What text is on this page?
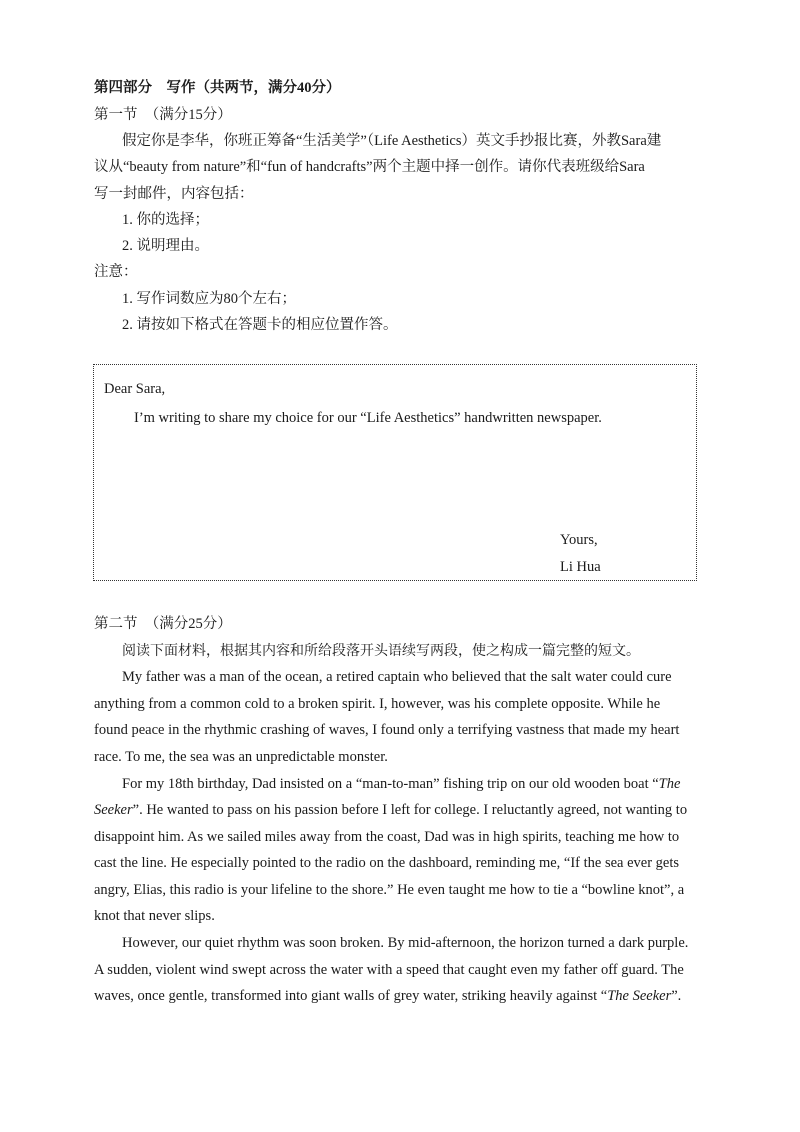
第四部分　写作（共两节，满分40分）
第一节　（满分15分）
假定你是李华，你班正筹备“生活美学”（Life Aesthetics）英文手抄报比赛，外教Sara建
议从“beauty from nature”和“fun of handcrafts”两个主题中择一创作。请你代表班级给Sara
写一封邮件，内容包括：
1. 你的选择；
2. 说明理由。
注意：
1. 写作词数应为80个左右；
2. 请按如下格式在答题卡的相应位置作答。
Dear Sara,
I’m writing to share my choice for our “Life Aesthetics” handwritten newspaper.
Yours,
Li Hua
第二节　（满分25分）
阅读下面材料，根据其内容和所给段落开头语续写两段，使之构成一篇完整的短文。
My father was a man of the ocean, a retired captain who believed that the salt water could cure
anything from a common cold to a broken spirit. I, however, was his complete opposite. While he
found peace in the rhythmic crashing of waves, I found only a terrifying vastness that made my heart
race. To me, the sea was an unpredictable monster.
For my 18th birthday, Dad insisted on a “man-to-man” fishing trip on our old wooden boat “The
Seeker”. He wanted to pass on his passion before I left for college. I reluctantly agreed, not wanting to
disappoint him. As we sailed miles away from the coast, Dad was in high spirits, teaching me how to
cast the line. He especially pointed to the radio on the dashboard, reminding me, “If the sea ever gets
angry, Elias, this radio is your lifeline to the shore.” He even taught me how to tie a “bowline knot”, a
knot that never slips.
However, our quiet rhythm was soon broken. By mid-afternoon, the horizon turned a dark purple.
A sudden, violent wind swept across the water with a speed that caught even my father off guard. The
waves, once gentle, transformed into giant walls of grey water, striking heavily against “The Seeker”.
